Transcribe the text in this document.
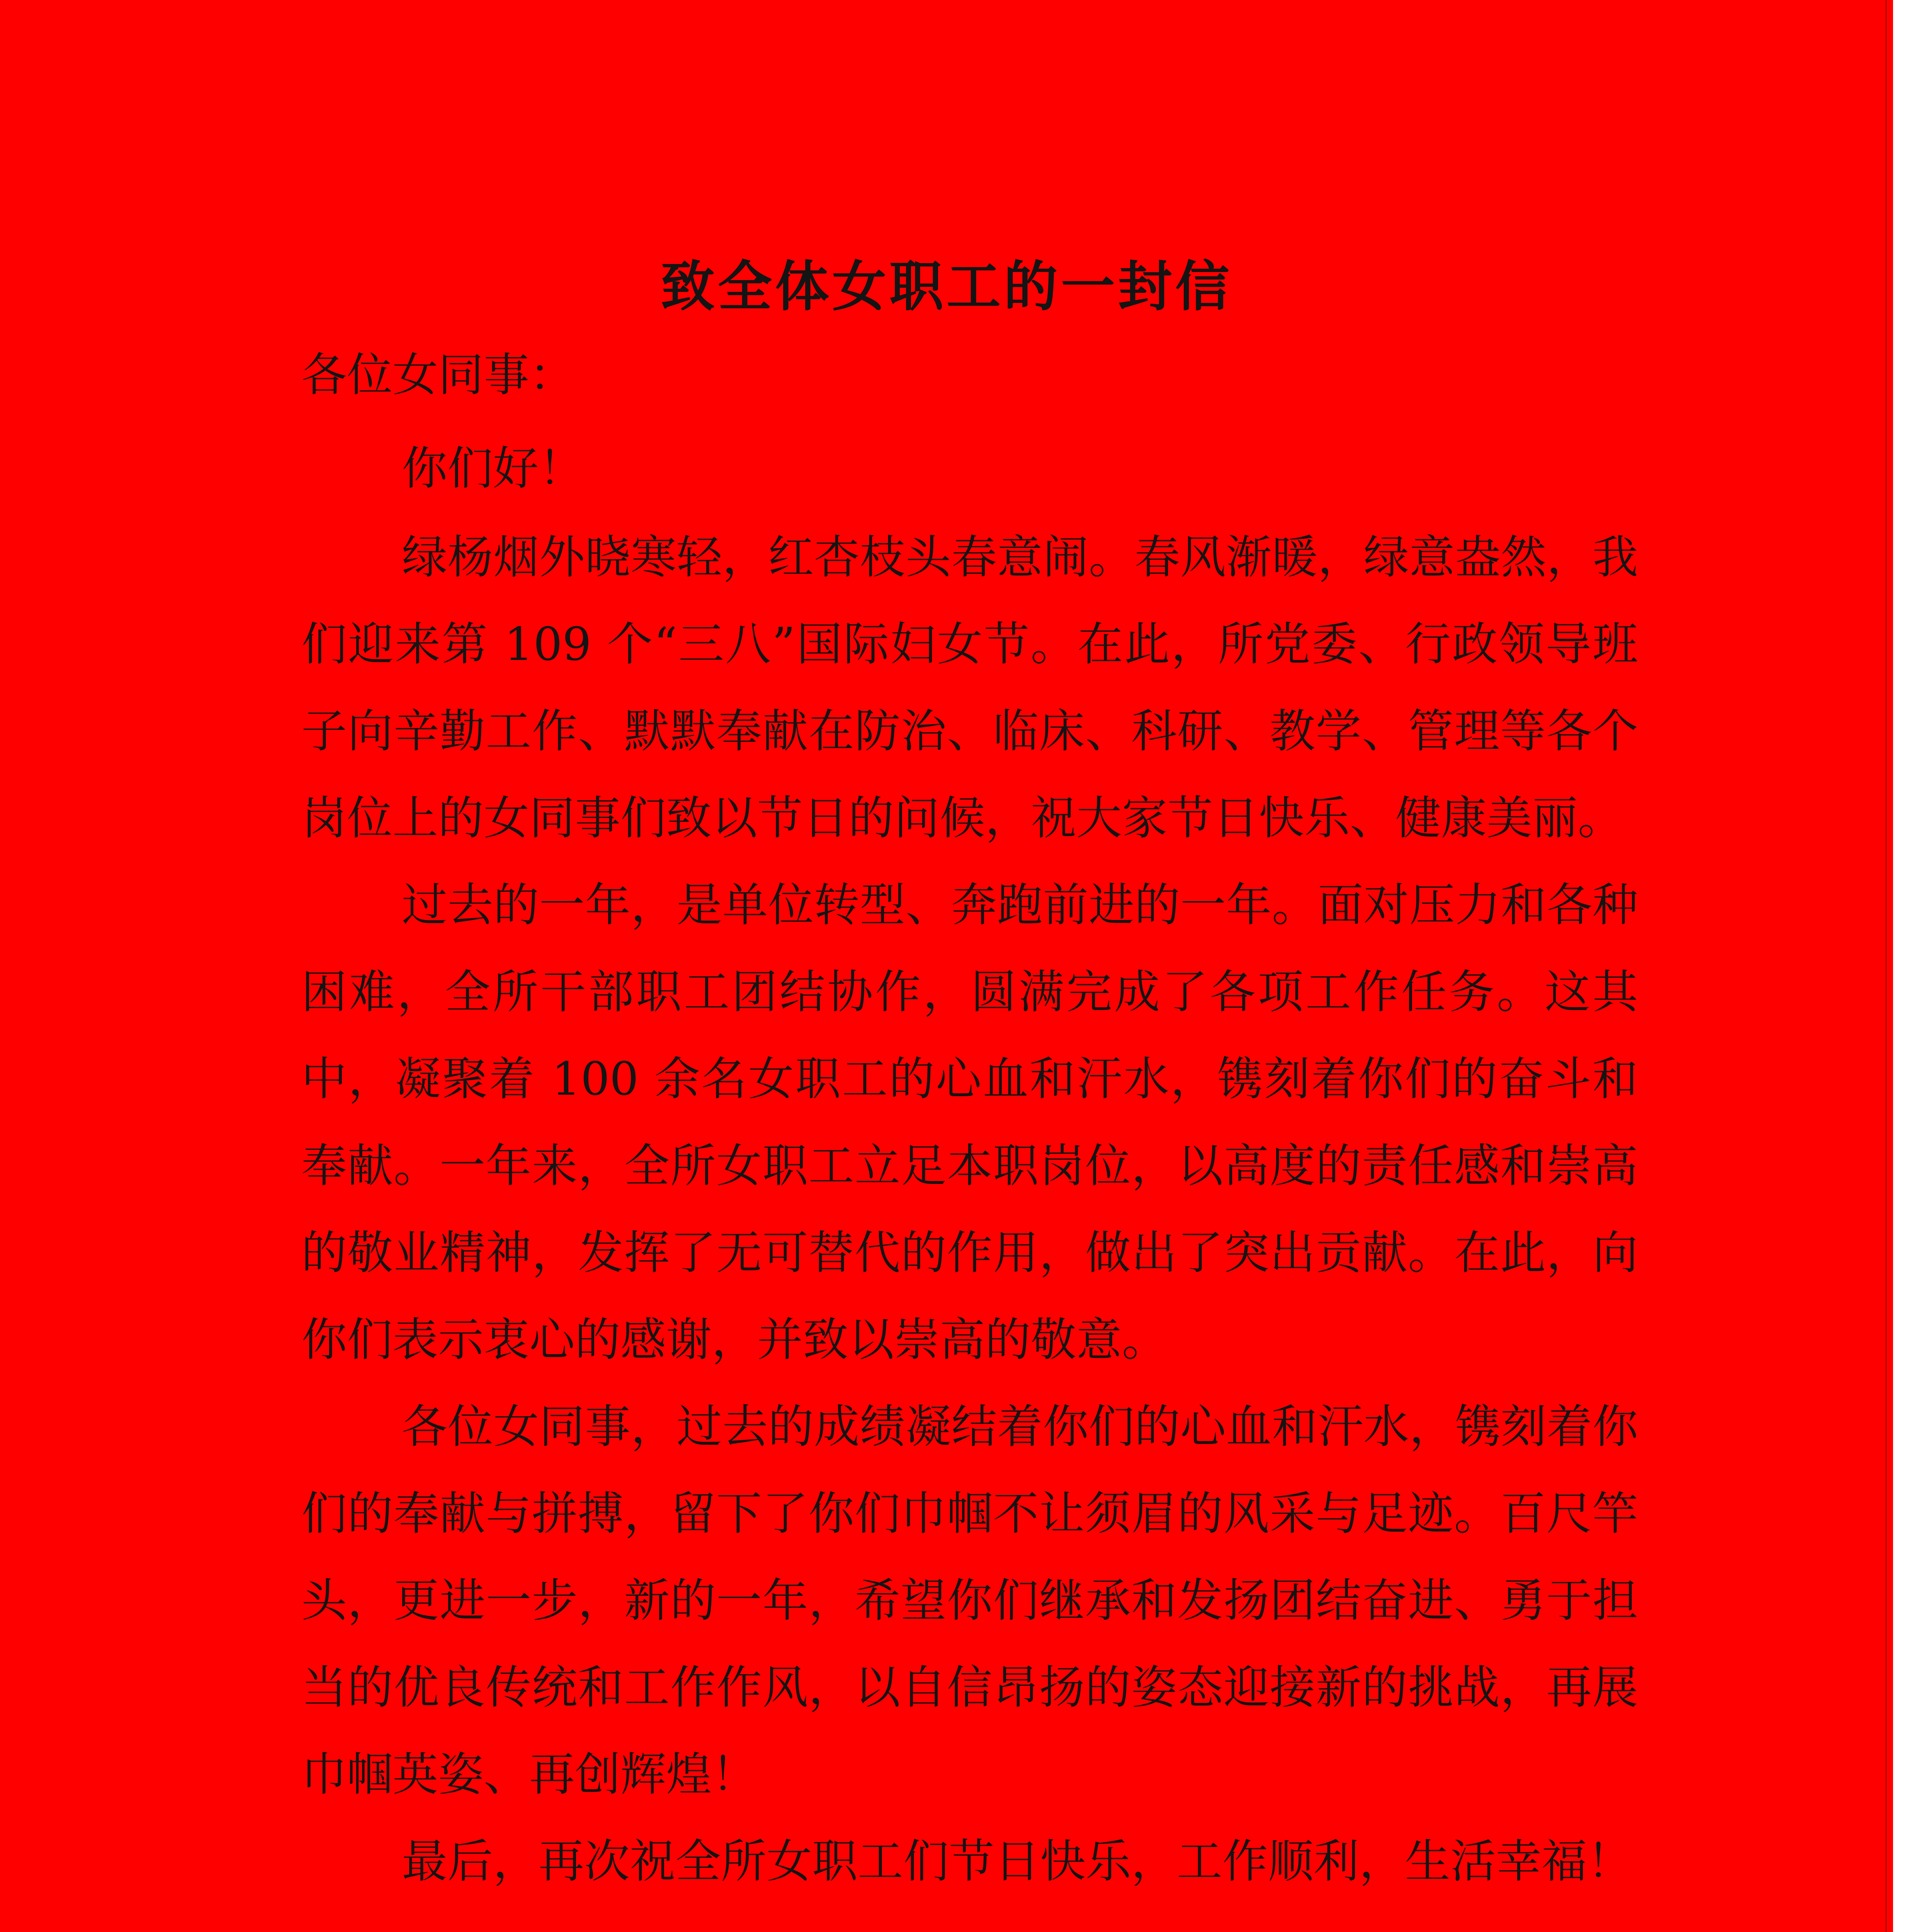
致全体女职工的一封信
各位女同事：

你们好！

绿杨烟外晓寒轻，红杏枝头春意闹。春风渐暖，绿意盎然，我们迎来第 109 个“三八”国际妇女节。在此，所党委、行政领导班子向辛勤工作、默默奉献在防治、临床、科研、教学、管理等各个岗位上的女同事们致以节日的问候，祝大家节日快乐、健康美丽。

过去的一年，是单位转型、奔跑前进的一年。面对压力和各种困难，全所干部职工团结协作，圆满完成了各项工作任务。这其中，凝聚着 100 余名女职工的心血和汗水，镌刻着你们的奋斗和奉献。一年来，全所女职工立足本职岗位，以高度的责任感和崇高的敬业精神，发挥了无可替代的作用，做出了突出贡献。在此，向你们表示衷心的感谢，并致以崇高的敬意。

各位女同事，过去的成绩凝结着你们的心血和汗水，镌刻着你们的奉献与拼搏，留下了你们巾帼不让须眉的风采与足迹。百尺竿头，更进一步，新的一年，希望你们继承和发扬团结奋进、勇于担当的优良传统和工作作风，以自信昂扬的姿态迎接新的挑战，再展巾帼英姿、再创辉煌！

最后，再次祝全所女职工们节日快乐，工作顺利，生活幸福！
